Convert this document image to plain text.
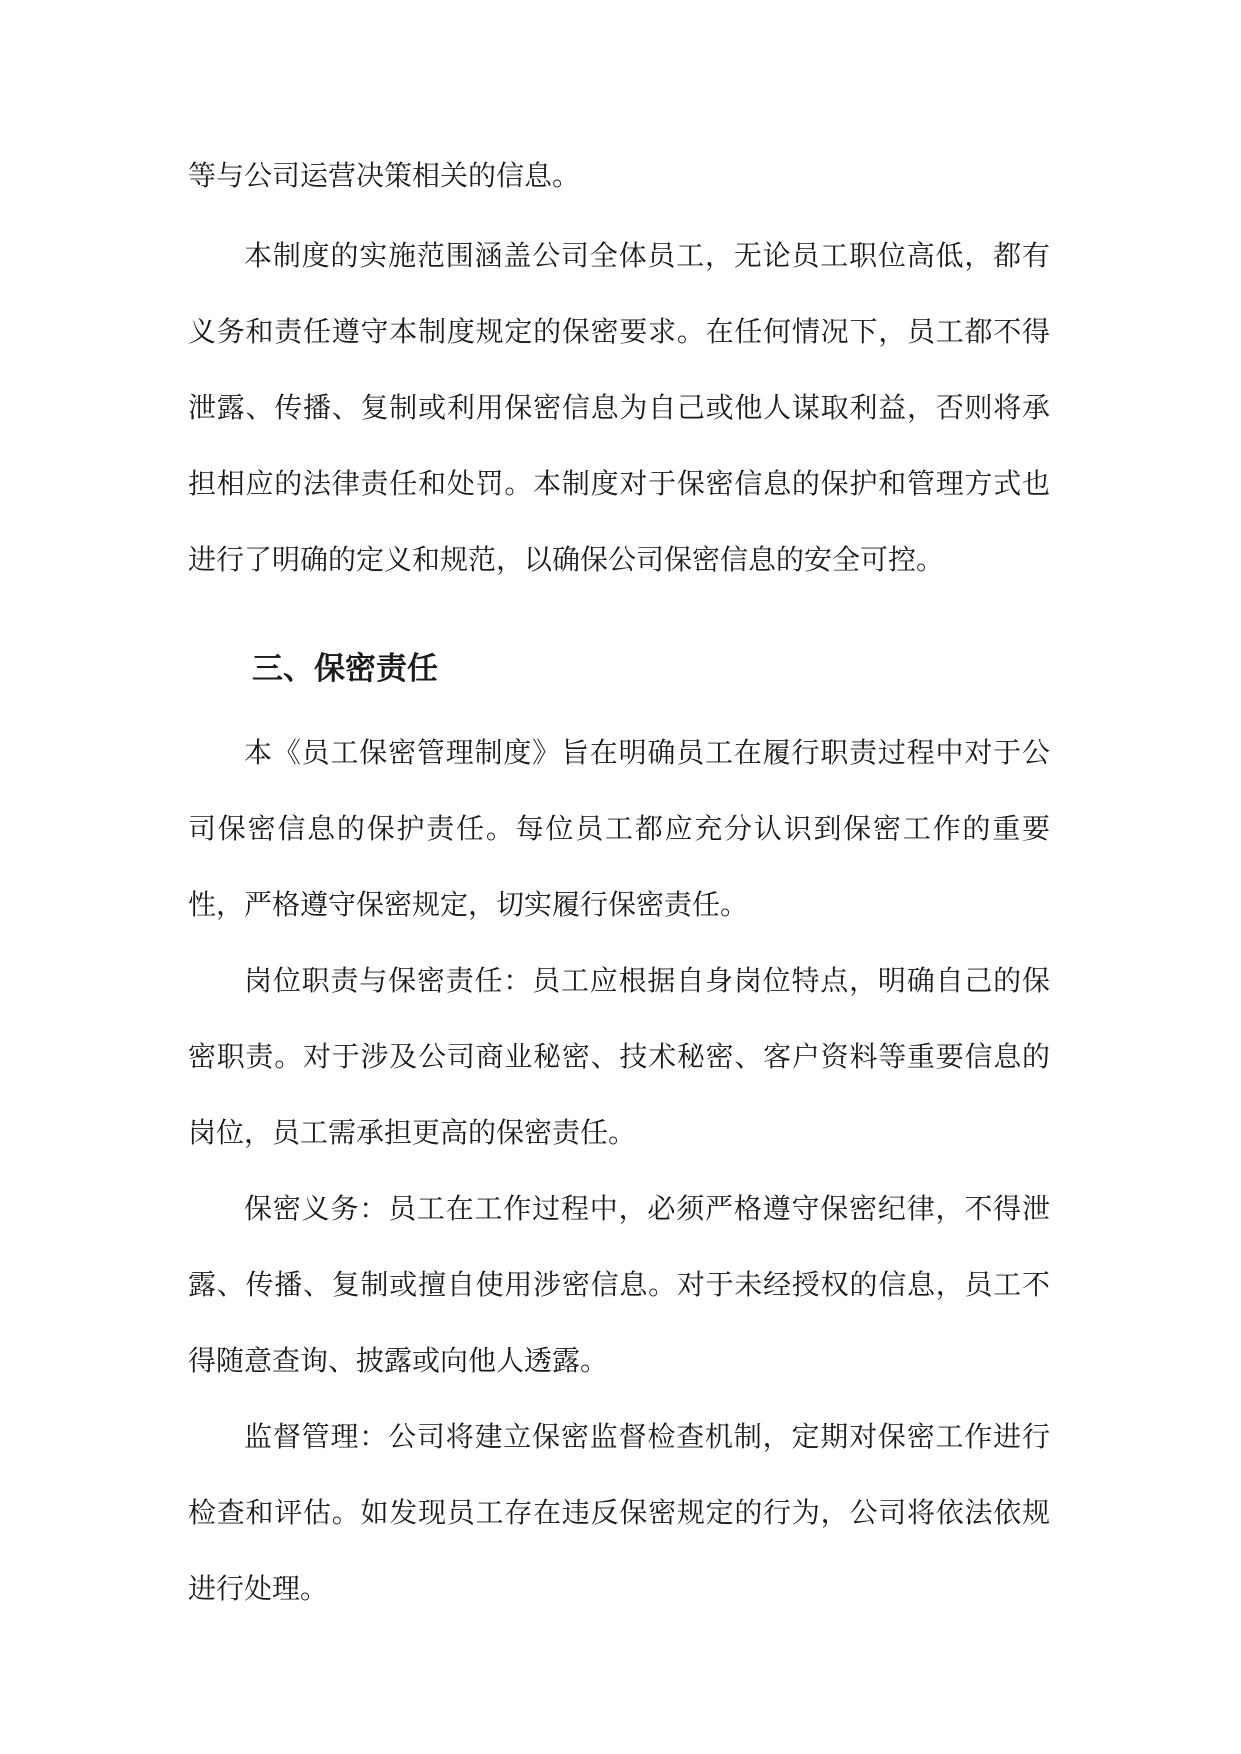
等与公司运营决策相关的信息。

本制度的实施范围涵盖公司全体员工，无论员工职位高低，都有义务和责任遵守本制度规定的保密要求。在任何情况下，员工都不得泄露、传播、复制或利用保密信息为自己或他人谋取利益，否则将承担相应的法律责任和处罚。本制度对于保密信息的保护和管理方式也进行了明确的定义和规范，以确保公司保密信息的安全可控。

三、保密责任

本《员工保密管理制度》旨在明确员工在履行职责过程中对于公司保密信息的保护责任。每位员工都应充分认识到保密工作的重要性，严格遵守保密规定，切实履行保密责任。

岗位职责与保密责任：员工应根据自身岗位特点，明确自己的保密职责。对于涉及公司商业秘密、技术秘密、客户资料等重要信息的岗位，员工需承担更高的保密责任。

保密义务：员工在工作过程中，必须严格遵守保密纪律，不得泄露、传播、复制或擅自使用涉密信息。对于未经授权的信息，员工不得随意查询、披露或向他人透露。

监督管理：公司将建立保密监督检查机制，定期对保密工作进行检查和评估。如发现员工存在违反保密规定的行为，公司将依法依规进行处理。
